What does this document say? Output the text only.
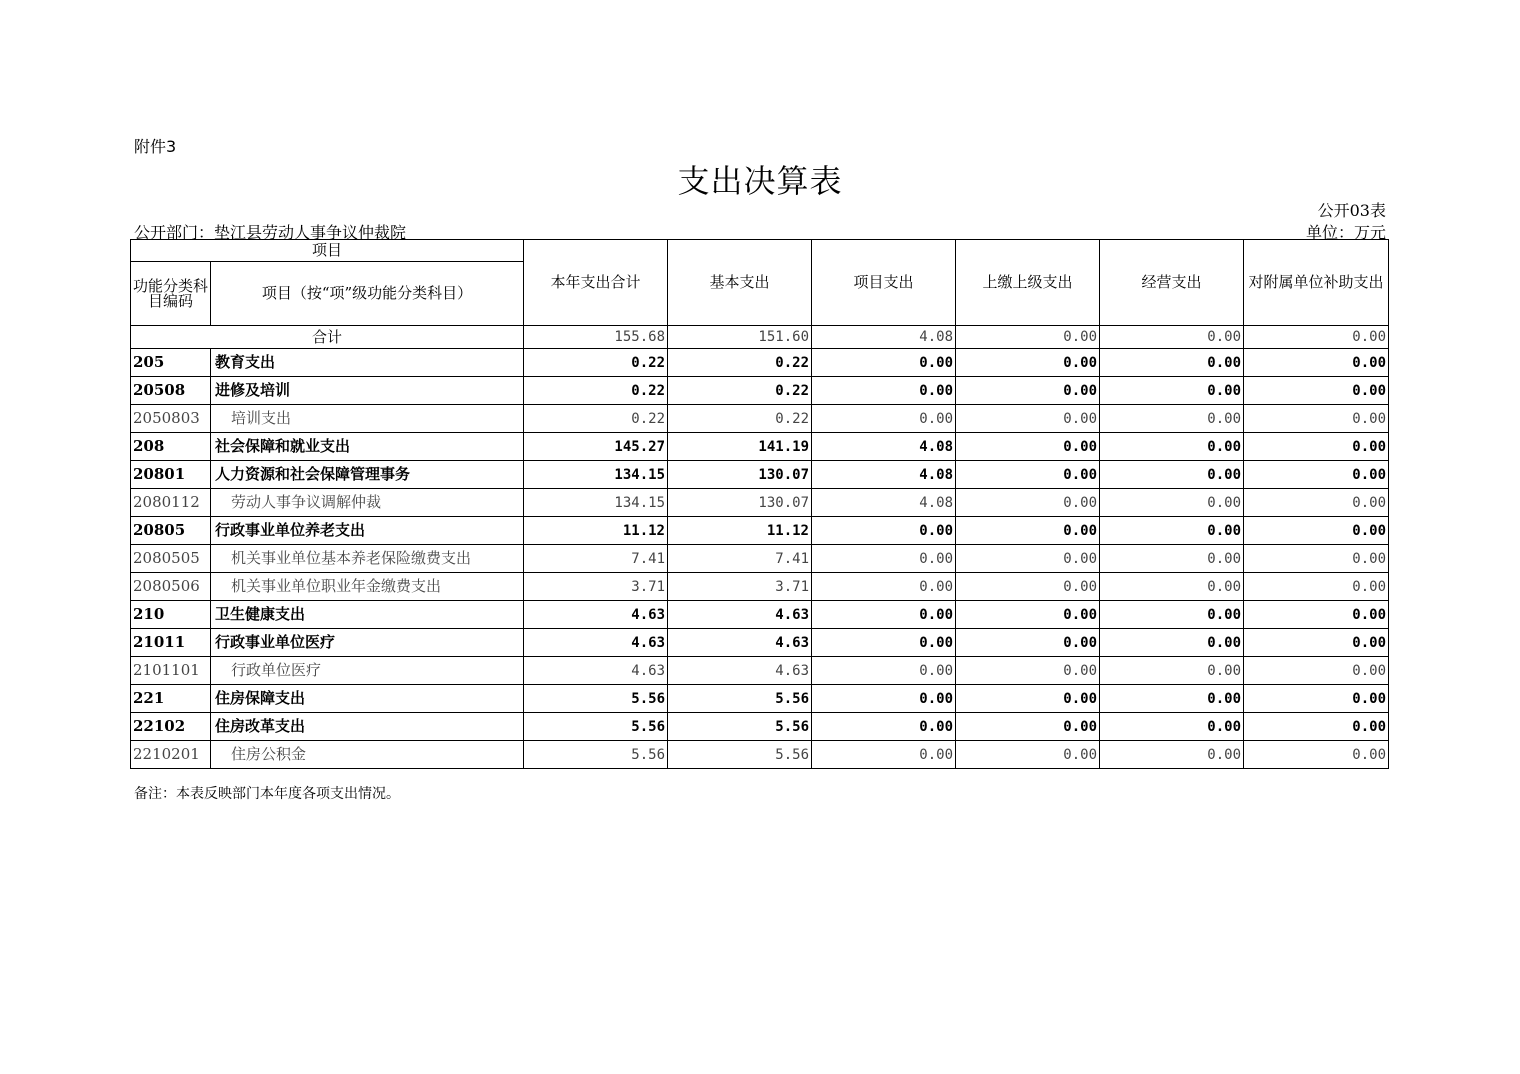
附件3
支出决算表
公开03表
公开部门：垫江县劳动人事争议仲裁院	单位：万元
项目		本年支出合计	基本支出	项目支出	上缴上级支出	经营支出	对附属单位补助支出
功能分类科目编码	项目（按“项”级功能分类科目）						
合计		155.68	151.60	4.08	0.00	0.00	0.00
205	教育支出	0.22	0.22	0.00	0.00	0.00	0.00
20508	进修及培训	0.22	0.22	0.00	0.00	0.00	0.00
2050803	培训支出	0.22	0.22	0.00	0.00	0.00	0.00
208	社会保障和就业支出	145.27	141.19	4.08	0.00	0.00	0.00
20801	人力资源和社会保障管理事务	134.15	130.07	4.08	0.00	0.00	0.00
2080112	劳动人事争议调解仲裁	134.15	130.07	4.08	0.00	0.00	0.00
20805	行政事业单位养老支出	11.12	11.12	0.00	0.00	0.00	0.00
2080505	机关事业单位基本养老保险缴费支出	7.41	7.41	0.00	0.00	0.00	0.00
2080506	机关事业单位职业年金缴费支出	3.71	3.71	0.00	0.00	0.00	0.00
210	卫生健康支出	4.63	4.63	0.00	0.00	0.00	0.00
21011	行政事业单位医疗	4.63	4.63	0.00	0.00	0.00	0.00
2101101	行政单位医疗	4.63	4.63	0.00	0.00	0.00	0.00
221	住房保障支出	5.56	5.56	0.00	0.00	0.00	0.00
22102	住房改革支出	5.56	5.56	0.00	0.00	0.00	0.00
2210201	住房公积金	5.56	5.56	0.00	0.00	0.00	0.00
备注：本表反映部门本年度各项支出情况。
